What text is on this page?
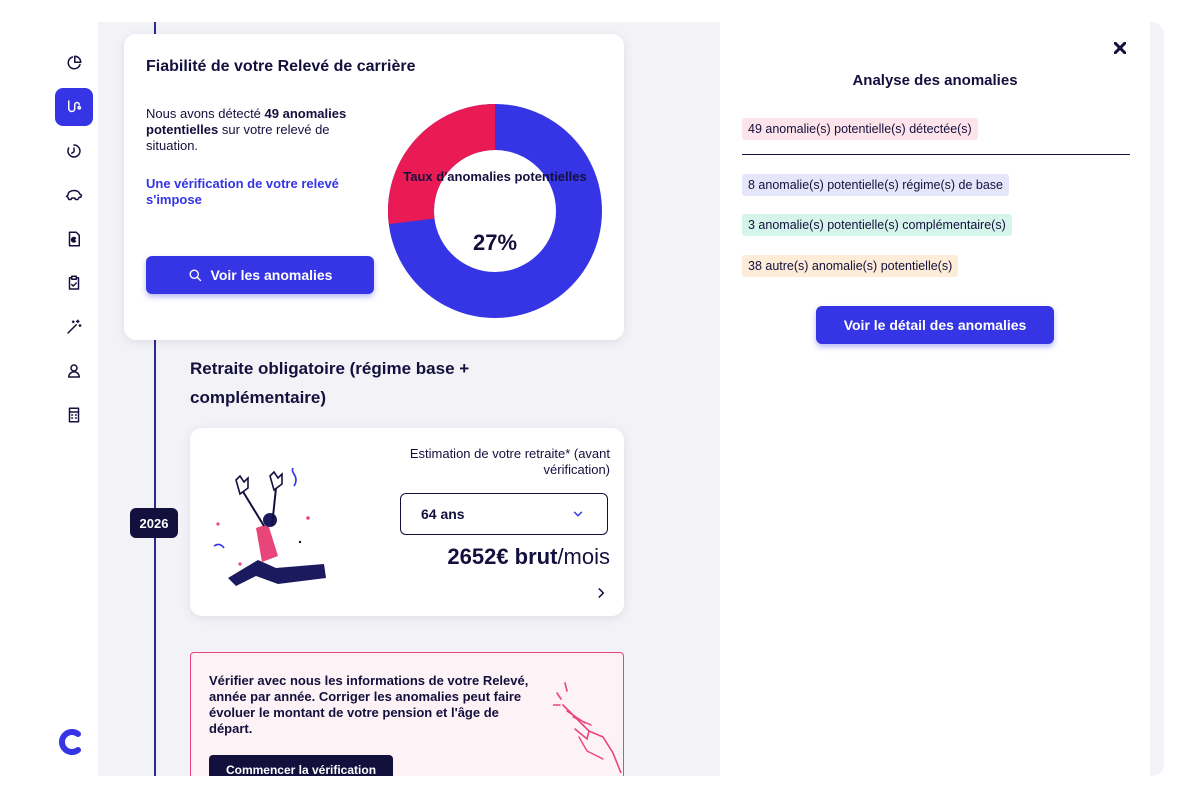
Fiabilité de votre Relevé de carrière
Nous avons détecté 49 anomalies potentielles sur votre relevé de situation.
Une vérification de votre relevé s'impose
Voir les anomalies
Taux d'anomalies potentielles
27%
Retraite obligatoire (régime base + complémentaire)
2026
Estimation de votre retraite* (avant vérification)
64 ans
2652€ brut/mois
Vérifier avec nous les informations de votre Relevé, année par année. Corriger les anomalies peut faire évoluer le montant de votre pension et l'âge de départ.
Commencer la vérification
Analyse des anomalies
49 anomalie(s) potentielle(s) détectée(s)
8 anomalie(s) potentielle(s) régime(s) de base
3 anomalie(s) potentielle(s) complémentaire(s)
38 autre(s) anomalie(s) potentielle(s)
Voir le détail des anomalies
